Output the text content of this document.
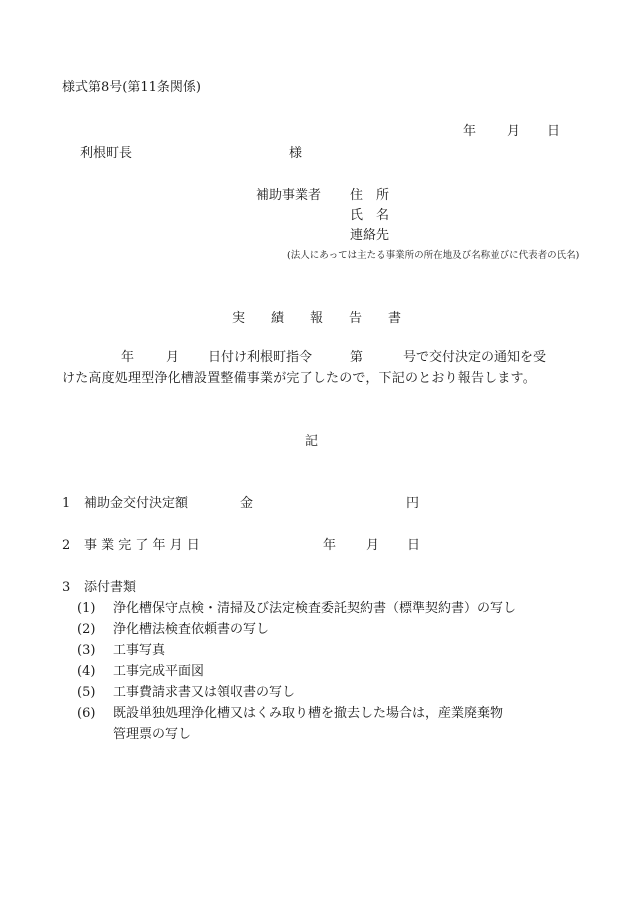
様式第8号(第11条関係)
年 月 日
利根町長	様
補助事業者 住　所
氏　名
連絡先
(法人にあっては主たる事業所の所在地及び名称並びに代表者の氏名)
実　　績　　報　　告　　書
年 月 日付け利根町指令	第	号で交付決定の通知を受
けた高度処理型浄化槽設置整備事業が完了したので，下記のとおり報告します。
記
1 補助金交付決定額	金	円
2 事 業 完 了 年 月 日	年 月 日
3 添付書類
(1) 浄化槽保守点検・清掃及び法定検査委託契約書（標準契約書）の写し
(2) 浄化槽法検査依頼書の写し
(3) 工事写真
(4) 工事完成平面図
(5) 工事費請求書又は領収書の写し
(6) 既設単独処理浄化槽又はくみ取り槽を撤去した場合は，産業廃棄物
管理票の写し
